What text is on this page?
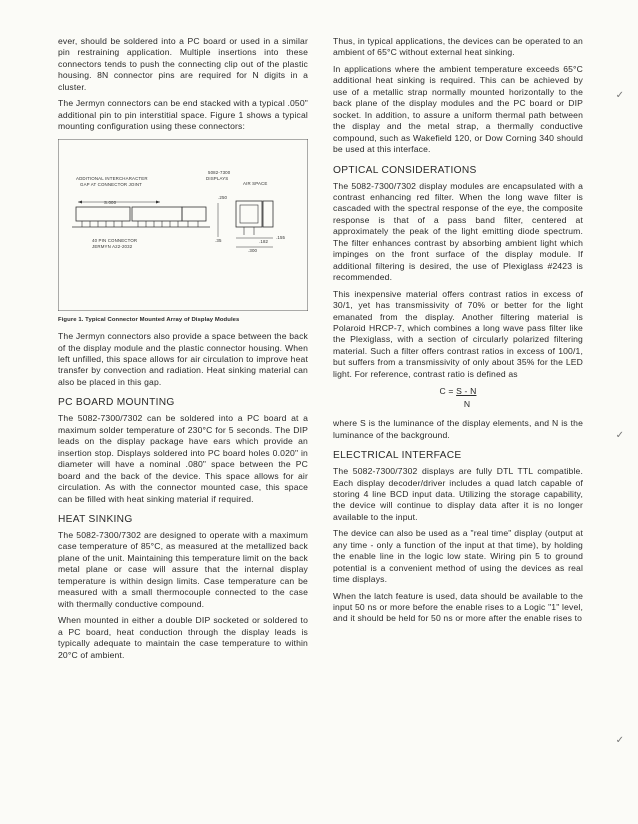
ever, should be soldered into a PC board or used in a similar pin restraining application. Multiple insertions into these connectors tends to push the connecting clip out of the plastic housing. 8N connector pins are required for N digits in a cluster.

The Jermyn connectors can be end stacked with a typical .050" additional pin to pin interstitial space. Figure 1 shows a typical mounting configuration using these connectors:

ADDITIONAL INTERCHARACTER GAP AT CONNECTOR JOINT
5082-7300 DISPLAYS
S.000
.250
.35
40 PIN CONNECTOR JERMYN A22-2032
AIR SPACE
.182
.300
.155

Figure 1. Typical Connector Mounted Array of Display Modules

The Jermyn connectors also provide a space between the back of the display module and the plastic connector housing. When left unfilled, this space allows for air circulation to improve heat transfer by convection and radiation. Heat sinking material can also be placed in this gap.

PC BOARD MOUNTING

The 5082-7300/7302 can be soldered into a PC board at a maximum solder temperature of 230°C for 5 seconds. The DIP leads on the display package have ears which provide an insertion stop. Displays soldered into PC board holes 0.020" in diameter will have a nominal .080" space between the PC board and the back of the device. This space allows for air circulation. As with the connector mounted case, this space can be filled with heat sinking material if required.

HEAT SINKING

The 5082-7300/7302 are designed to operate with a maximum case temperature of 85°C, as measured at the metallized back plane of the unit. Maintaining this temperature limit on the back metal plane or case will assure that the internal display temperature is within design limits. Case temperature can be measured with a small thermocouple connected to the case with thermally conductive compound.

When mounted in either a double DIP socketed or soldered to a PC board, heat conduction through the display leads is typically adequate to maintain the case temperature to within 20°C of ambient.

Thus, in typical applications, the devices can be operated to an ambient of 65°C without external heat sinking.

In applications where the ambient temperature exceeds 65°C additional heat sinking is required. This can be achieved by use of a metallic strap normally mounted horizontally to the back plane of the display modules and the PC board or DIP socket. In addition, to assure a uniform thermal path between the display and the metal strap, a thermally conductive compound, such as Wakefield 120, or Dow Corning 340 should be used at this interface.

OPTICAL CONSIDERATIONS

The 5082-7300/7302 display modules are encapsulated with a contrast enhancing red filter. When the long wave filter is cascaded with the spectral response of the eye, the composite response is that of a pass band filter, centered at approximately the peak of the light emitting diode spectrum. The filter enhances contrast by absorbing ambient light which impinges on the front surface of the display module. If additional filtering is desired, the use of Plexiglass #2423 is recommended.

This inexpensive material offers contrast ratios in excess of 30/1, yet has transmissivity of 70% or better for the light emanated from the display. Another filtering material is Polaroid HRCP-7, which combines a long wave pass filter like the Plexiglass, with a section of circularly polarized filtering material. Such a filter offers contrast ratios in excess of 100/1, but suffers from a transmissivity of only about 35% for the LED light. For reference, contrast ratio is defined as

C = S - N
N

where S is the luminance of the display elements, and N is the luminance of the background.

ELECTRICAL INTERFACE

The 5082-7300/7302 displays are fully DTL TTL compatible. Each display decoder/driver includes a quad latch capable of storing 4 line BCD input data. Utilizing the storage capability, the device will continue to display data after it is no longer available to the input.

The device can also be used as a "real time" display (output at any time - only a function of the input at that time), by holding the enable line in the logic low state. Wiring pin 5 to ground potential is a convenient method of using the devices as real time displays.

When the latch feature is used, data should be available to the input 50 ns or more before the enable rises to a Logic "1" level, and it should be held for 50 ns or more after the enable rises to

✓
✓
✓
